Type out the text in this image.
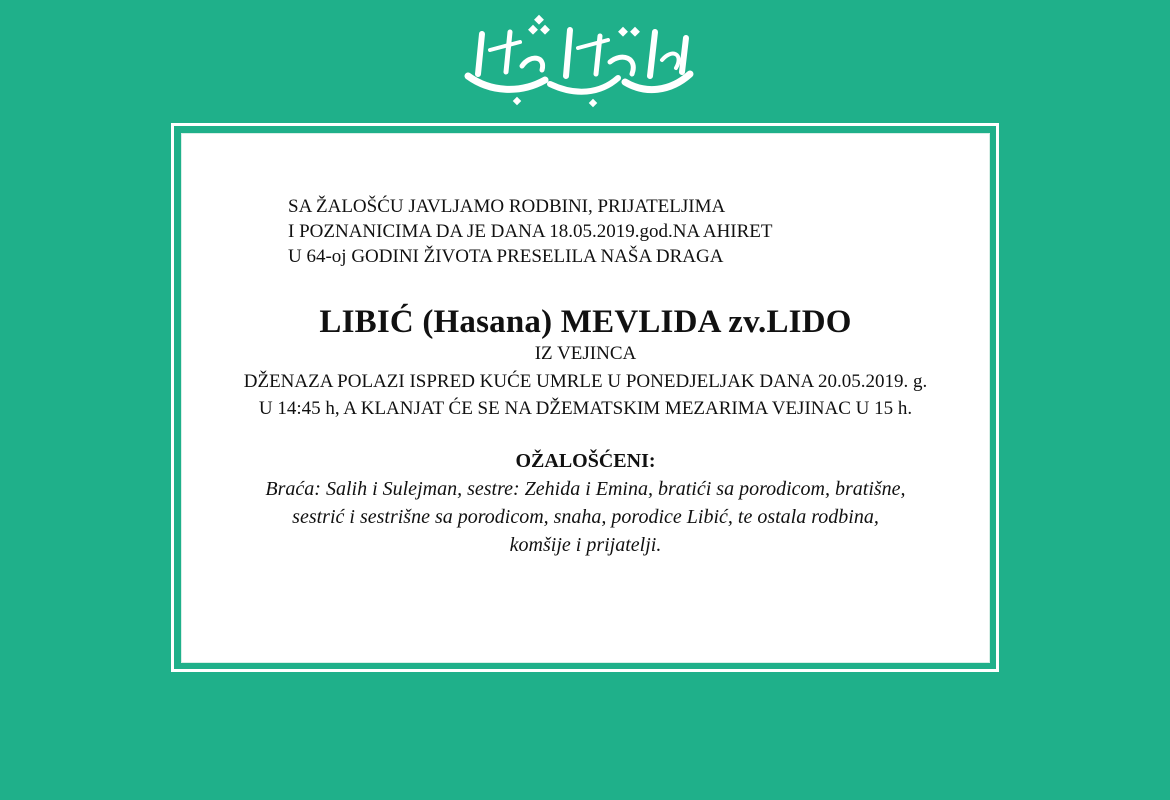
SA ŽALOŠĆU JAVLJAMO RODBINI, PRIJATELJIMA
I POZNANICIMA DA JE DANA 18.05.2019.god.NA AHIRET
U 64-oj GODINI ŽIVOTA PRESELILA NAŠA DRAGA
LIBIĆ (Hasana) MEVLIDA zv.LIDO
IZ VEJINCA
DŽENAZA POLAZI ISPRED KUĆE UMRLE U PONEDJELJAK DANA 20.05.2019. g.
U 14:45 h, A KLANJAT ĆE SE NA DŽEMATSKIM MEZARIMA VEJINAC U 15 h.
OŽALOŠĆENI:
Braća: Salih i Sulejman, sestre: Zehida i Emina, bratići sa porodicom, bratišne,
sestrić i sestrišne sa porodicom, snaha, porodice Libić, te ostala rodbina,
komšije i prijatelji.
